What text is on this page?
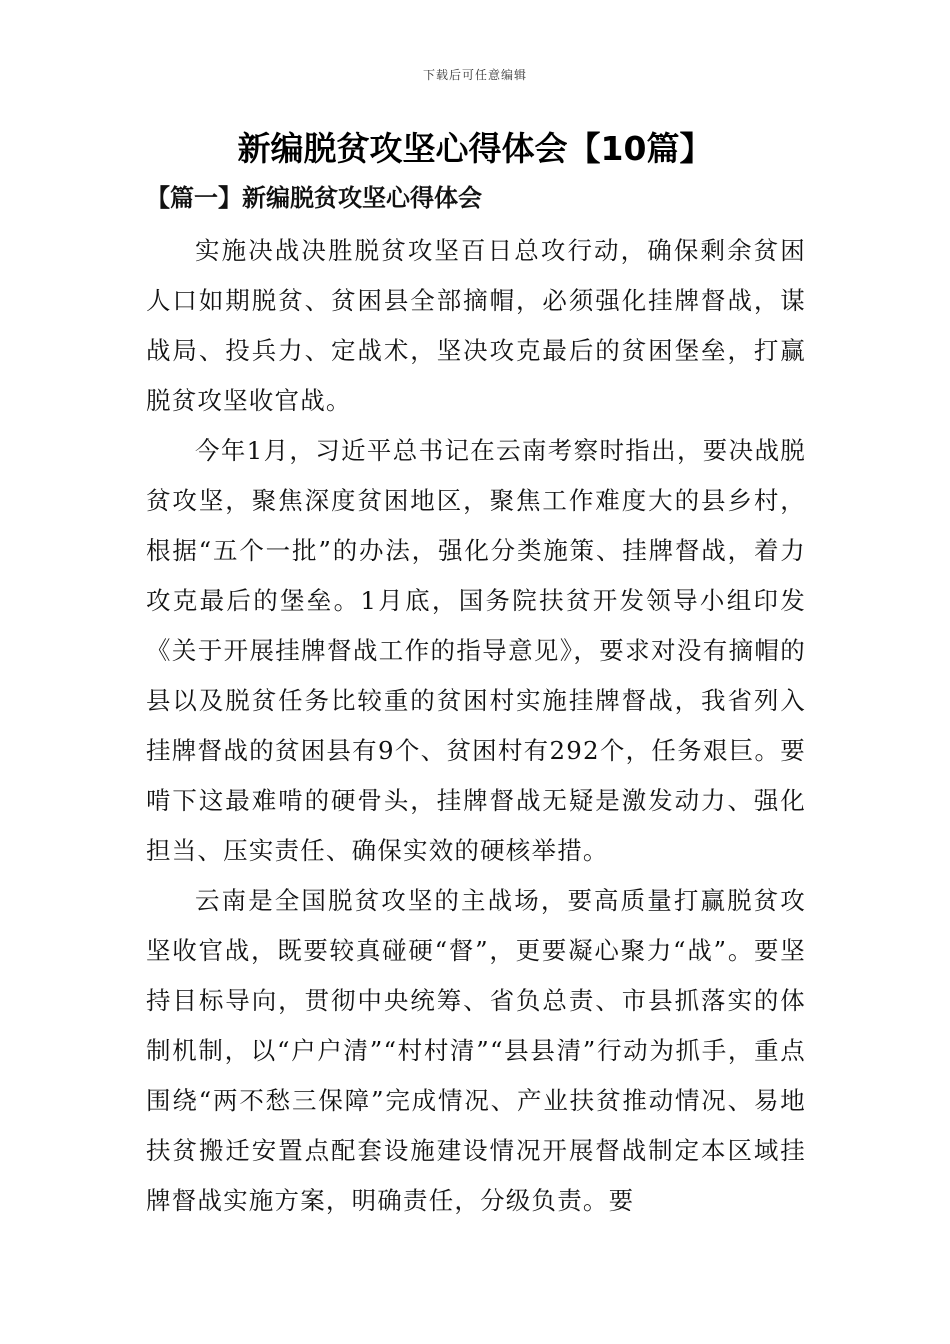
下载后可任意编辑
新编脱贫攻坚心得体会【10篇】
【篇一】新编脱贫攻坚心得体会

实施决战决胜脱贫攻坚百日总攻行动，确保剩余贫困人口如期脱贫、贫困县全部摘帽，必须强化挂牌督战，谋战局、投兵力、定战术，坚决攻克最后的贫困堡垒，打赢脱贫攻坚收官战。

今年1月，习近平总书记在云南考察时指出，要决战脱贫攻坚，聚焦深度贫困地区，聚焦工作难度大的县乡村，根据“五个一批”的办法，强化分类施策、挂牌督战，着力攻克最后的堡垒。1月底，国务院扶贫开发领导小组印发《关于开展挂牌督战工作的指导意见》，要求对没有摘帽的县以及脱贫任务比较重的贫困村实施挂牌督战，我省列入挂牌督战的贫困县有9个、贫困村有292个，任务艰巨。要啃下这最难啃的硬骨头，挂牌督战无疑是激发动力、强化担当、压实责任、确保实效的硬核举措。

云南是全国脱贫攻坚的主战场，要高质量打赢脱贫攻坚收官战，既要较真碰硬“督”，更要凝心聚力“战”。要坚持目标导向，贯彻中央统筹、省负总责、市县抓落实的体制机制，以“户户清”“村村清”“县县清”行动为抓手，重点围绕“两不愁三保障”完成情况、产业扶贫推动情况、易地扶贫搬迁安置点配套设施建设情况开展督战制定本区域挂牌督战实施方案，明确责任，分级负责。要
